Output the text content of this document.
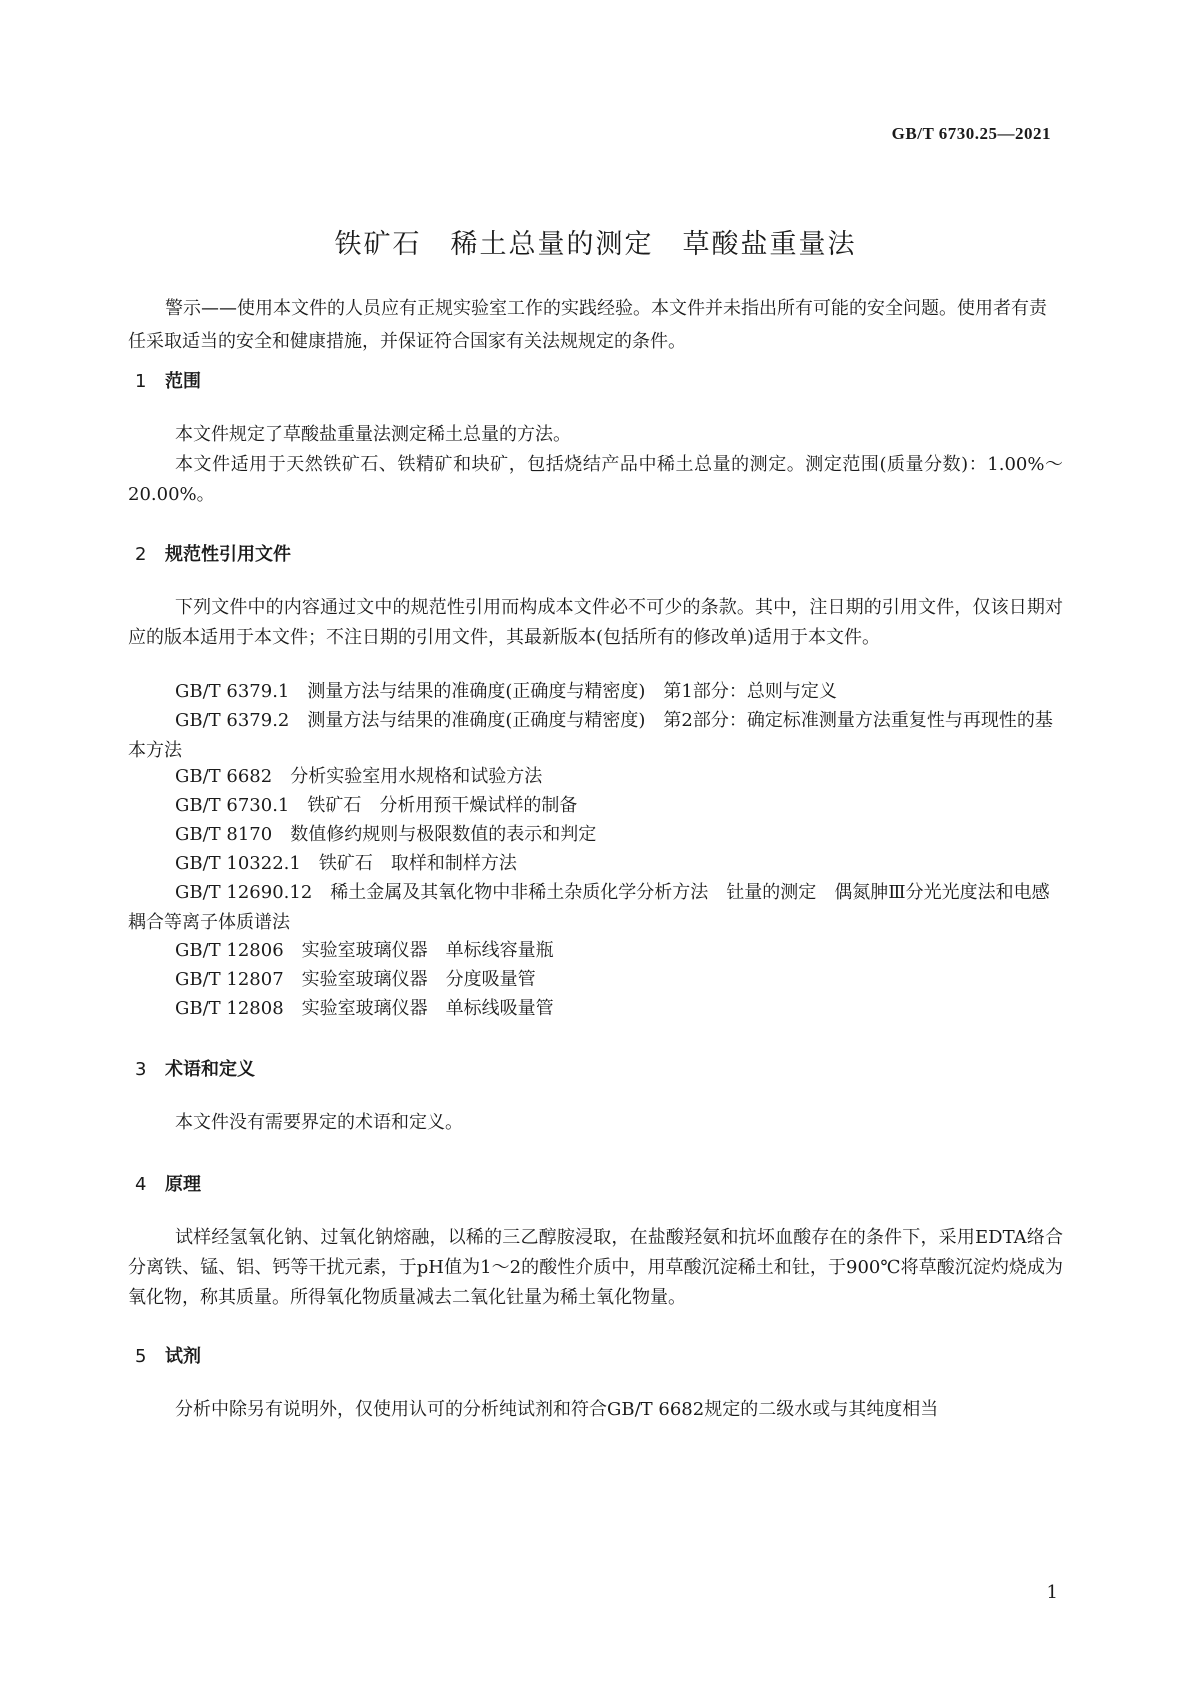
GB/T 6730.25—2021
铁矿石　稀土总量的测定　草酸盐重量法
警示——使用本文件的人员应有正规实验室工作的实践经验。本文件并未指出所有可能的安全问题。使用者有责任采取适当的安全和健康措施，并保证符合国家有关法规规定的条件。
1 范围
本文件规定了草酸盐重量法测定稀土总量的方法。
本文件适用于天然铁矿石、铁精矿和块矿，包括烧结产品中稀土总量的测定。测定范围(质量分数)：1.00%～20.00%。
2 规范性引用文件
下列文件中的内容通过文中的规范性引用而构成本文件必不可少的条款。其中，注日期的引用文件，仅该日期对应的版本适用于本文件；不注日期的引用文件，其最新版本(包括所有的修改单)适用于本文件。
GB/T 6379.1　测量方法与结果的准确度(正确度与精密度)　第1部分：总则与定义
GB/T 6379.2　测量方法与结果的准确度(正确度与精密度)　第2部分：确定标准测量方法重复性与再现性的基本方法
GB/T 6682　分析实验室用水规格和试验方法
GB/T 6730.1　铁矿石　分析用预干燥试样的制备
GB/T 8170　数值修约规则与极限数值的表示和判定
GB/T 10322.1　铁矿石　取样和制样方法
GB/T 12690.12　稀土金属及其氧化物中非稀土杂质化学分析方法　钍量的测定　偶氮胂Ⅲ分光光度法和电感耦合等离子体质谱法
GB/T 12806　实验室玻璃仪器　单标线容量瓶
GB/T 12807　实验室玻璃仪器　分度吸量管
GB/T 12808　实验室玻璃仪器　单标线吸量管
3 术语和定义
本文件没有需要界定的术语和定义。
4 原理
试样经氢氧化钠、过氧化钠熔融，以稀的三乙醇胺浸取，在盐酸羟氨和抗坏血酸存在的条件下，采用EDTA络合分离铁、锰、铝、钙等干扰元素，于pH值为1～2的酸性介质中，用草酸沉淀稀土和钍，于900℃将草酸沉淀灼烧成为氧化物，称其质量。所得氧化物质量减去二氧化钍量为稀土氧化物量。
5 试剂
分析中除另有说明外，仅使用认可的分析纯试剂和符合GB/T 6682规定的二级水或与其纯度相当
1
